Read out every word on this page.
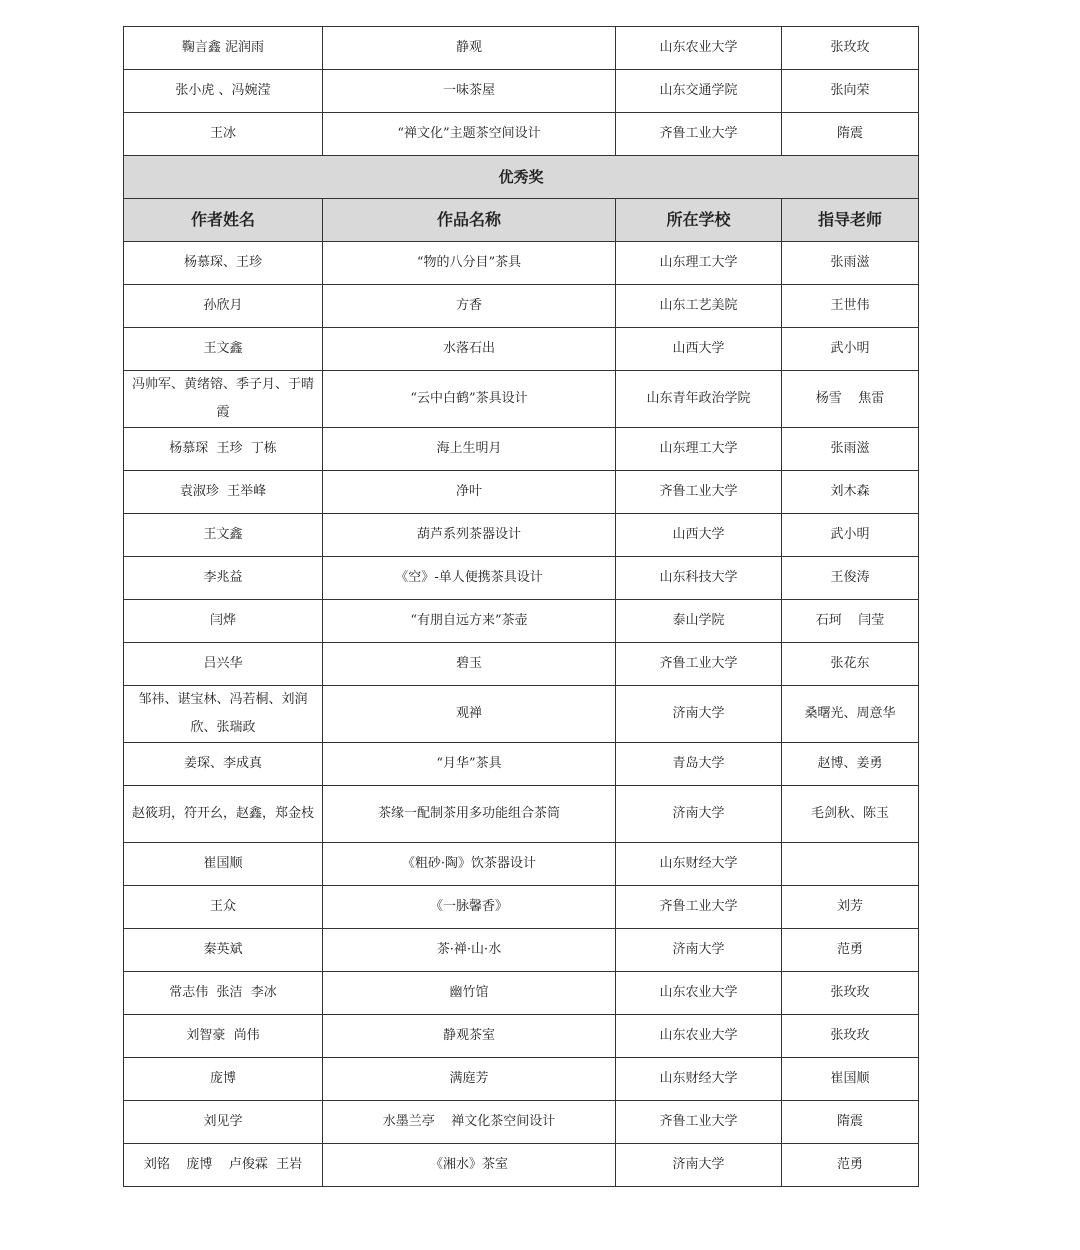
鞠言鑫 泥润雨	静观	山东农业大学	张玫玫
张小虎 、冯婉滢	一味茶屋	山东交通学院	张向荣
王冰	“禅文化”主题茶空间设计	齐鲁工业大学	隋震
优秀奖			
作者姓名	作品名称	所在学校	指导老师
杨慕琛、王珍	“物的八分目”茶具	山东理工大学	张雨滋
孙欣月	方香	山东工艺美院	王世伟
王文鑫	水落石出	山西大学	武小明
冯帅军、黄绪镕、季子月、于晴霞	“云中白鹤”茶具设计	山东青年政治学院	杨雪    焦雷
杨慕琛  王珍  丁栋	海上生明月	山东理工大学	张雨滋
袁淑珍  王举峰	净叶	齐鲁工业大学	刘木森
王文鑫	葫芦系列茶器设计	山西大学	武小明
李兆益	《空》-单人便携茶具设计	山东科技大学	王俊涛
闫烨	“有朋自远方来”茶壶	泰山学院	石珂    闫莹
吕兴华	碧玉	齐鲁工业大学	张花东
邹祎、谌宝林、冯若桐、刘润欣、张瑞政	观禅	济南大学	桑曙光、周意华
姜琛、李成真	“月华”茶具	青岛大学	赵博、姜勇
赵筱玥，符开幺，赵鑫，郑金枝	茶缘一配制茶用多功能组合茶筒	济南大学	毛剑秋、陈玉
崔国顺	《粗砂·陶》饮茶器设计	山东财经大学	
王众	《一脉馨香》	齐鲁工业大学	刘芳
秦英斌	茶·禅·山·水	济南大学	范勇
常志伟  张洁  李冰	幽竹馆	山东农业大学	张玫玫
刘智豪  尚伟	静观茶室	山东农业大学	张玫玫
庞博	满庭芳	山东财经大学	崔国顺
刘见学	水墨兰亭    禅文化茶空间设计	齐鲁工业大学	隋震
刘铭    庞博    卢俊霖  王岩	《湘水》茶室	济南大学	范勇
